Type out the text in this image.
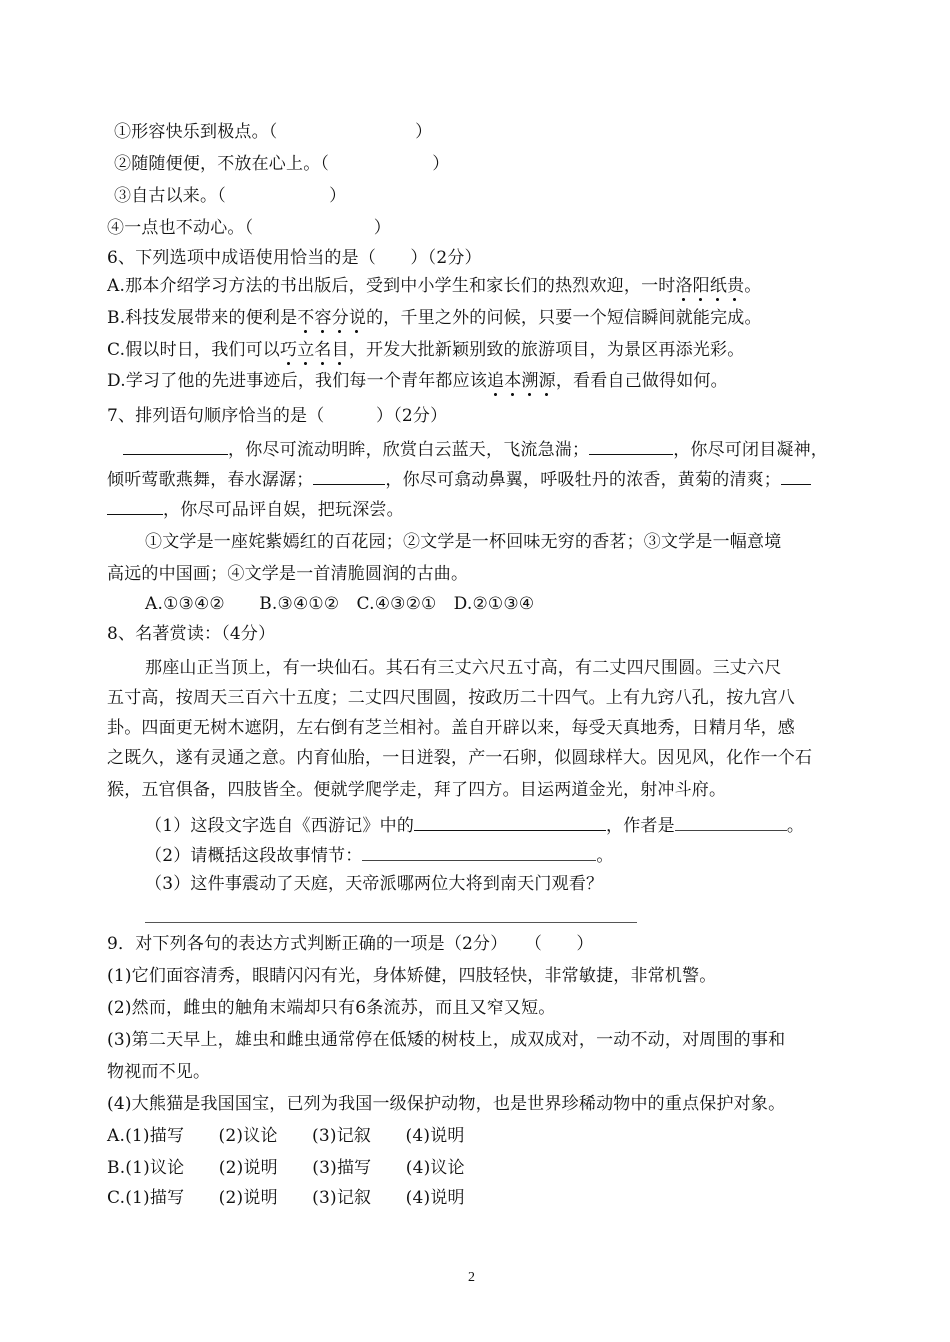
①形容快乐到极点。（　　　　　　　　）
②随随便便，不放在心上。（　　　　　　）
③自古以来。（　　　　　　）
④一点也不动心。（　　　　　　　）
6、下列选项中成语使用恰当的是（　　）（2分）
A.那本介绍学习方法的书出版后，受到中小学生和家长们的热烈欢迎，一时洛阳纸贵。
B.科技发展带来的便利是不容分说的，千里之外的问候，只要一个短信瞬间就能完成。
C.假以时日，我们可以巧立名目，开发大批新颖别致的旅游项目，为景区再添光彩。
D.学习了他的先进事迹后，我们每一个青年都应该追本溯源，看看自己做得如何。
7、排列语句顺序恰当的是（　　　）（2分）
，你尽可流动明眸，欣赏白云蓝天，飞流急湍；	，你尽可闭目凝神，
倾听莺歌燕舞，春水潺潺；	，你尽可翕动鼻翼，呼吸牡丹的浓香，黄菊的清爽；
，你尽可品评自娱，把玩深尝。
①文学是一座姹紫嫣红的百花园；②文学是一杯回味无穷的香茗；③文学是一幅意境
高远的中国画；④文学是一首清脆圆润的古曲。
A.①③④②　　B.③④①②　C.④③②①　D.②①③④
8、名著赏读：（4分）
那座山正当顶上，有一块仙石。其石有三丈六尺五寸高，有二丈四尺围圆。三丈六尺
五寸高，按周天三百六十五度；二丈四尺围圆，按政历二十四气。上有九窍八孔，按九宫八
卦。四面更无树木遮阴，左右倒有芝兰相衬。盖自开辟以来，每受天真地秀，日精月华，感
之既久，遂有灵通之意。内育仙胎，一日迸裂，产一石卵，似圆球样大。因见风，化作一个石
猴，五官俱备，四肢皆全。便就学爬学走，拜了四方。目运两道金光，射冲斗府。
（1）这段文字选自《西游记》中的	，作者是	。
（2）请概括这段故事情节：	。
（3）这件事震动了天庭，天帝派哪两位大将到南天门观看？
9．对下列各句的表达方式判断正确的一项是（2分）　　（　　）
(1)它们面容清秀，眼睛闪闪有光，身体矫健，四肢轻快，非常敏捷，非常机警。
(2)然而，雌虫的触角末端却只有6条流苏，而且又窄又短。
(3)第二天早上，雄虫和雌虫通常停在低矮的树枝上，成双成对，一动不动，对周围的事和
物视而不见。
(4)大熊猫是我国国宝，已列为我国一级保护动物，也是世界珍稀动物中的重点保护对象。
A.(1)描写　　(2)议论　　(3)记叙　　(4)说明
B.(1)议论　　(2)说明　　(3)描写　　(4)议论
C.(1)描写　　(2)说明　　(3)记叙　　(4)说明
2
